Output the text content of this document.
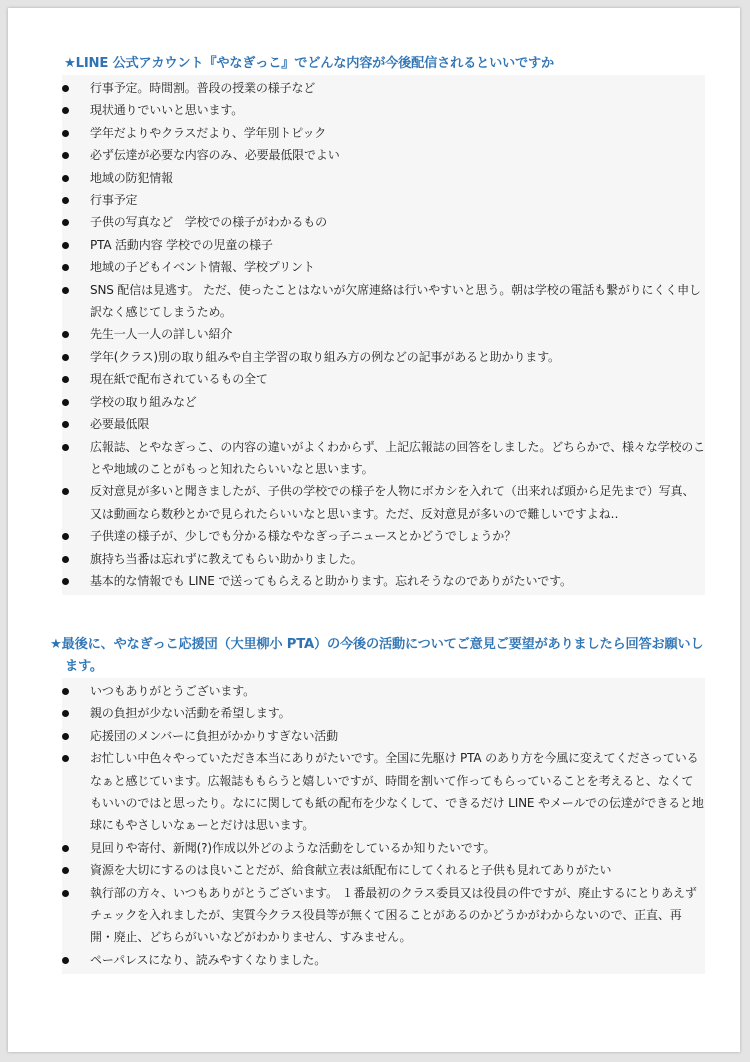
★LINE 公式アカウント『やなぎっこ』でどんな内容が今後配信されるといいですか
行事予定。時間割。普段の授業の様子など
現状通りでいいと思います。
学年だよりやクラスだより、学年別トピック
必ず伝達が必要な内容のみ、必要最低限でよい
地域の防犯情報
行事予定
子供の写真など　学校での様子がわかるもの
PTA 活動内容 学校での児童の様子
地域の子どもイベント情報、学校プリント
SNS 配信は見逃す。 ただ、使ったことはないが欠席連絡は行いやすいと思う。朝は学校の電話も繋がりにくく申し訳なく感じてしまうため。
先生一人一人の詳しい紹介
学年(クラス)別の取り組みや自主学習の取り組み方の例などの記事があると助かります。
現在紙で配布されているもの全て
学校の取り組みなど
必要最低限
広報誌、とやなぎっこ、の内容の違いがよくわからず、上記広報誌の回答をしました。どちらかで、様々な学校のことや地域のことがもっと知れたらいいなと思います。
反対意見が多いと聞きましたが、子供の学校での様子を人物にボカシを入れて（出来れば頭から足先まで）写真、又は動画なら数秒とかで見られたらいいなと思います。ただ、反対意見が多いので難しいですよね‥
子供達の様子が、少しでも分かる様なやなぎっ子ニュースとかどうでしょうか？
旗持ち当番は忘れずに教えてもらい助かりました。
基本的な情報でも LINE で送ってもらえると助かります。忘れそうなのでありがたいです。
★最後に、やなぎっこ応援団（大里柳小 PTA）の今後の活動についてご意見ご要望がありましたら回答お願いします。
いつもありがとうございます。
親の負担が少ない活動を希望します。
応援団のメンバーに負担がかかりすぎない活動
お忙しい中色々やっていただき本当にありがたいです。全国に先駆け PTA のあり方を今風に変えてくださっているなぁと感じています。広報誌ももらうと嬉しいですが、時間を割いて作ってもらっていることを考えると、なくてもいいのではと思ったり。なにに関しても紙の配布を少なくして、できるだけ LINE やメールでの伝達ができると地球にもやさしいなぁーとだけは思います。
見回りや寄付、新聞(?)作成以外どのような活動をしているか知りたいです。
資源を大切にするのは良いことだが、給食献立表は紙配布にしてくれると子供も見れてありがたい
執行部の方々、いつもありがとうございます。 １番最初のクラス委員又は役員の件ですが、廃止するにとりあえずチェックを入れましたが、実質今クラス役員等が無くて困ることがあるのかどうかがわからないので、正直、再開・廃止、どちらがいいなどがわかりません、すみません。
ペーパレスになり、読みやすくなりました。
